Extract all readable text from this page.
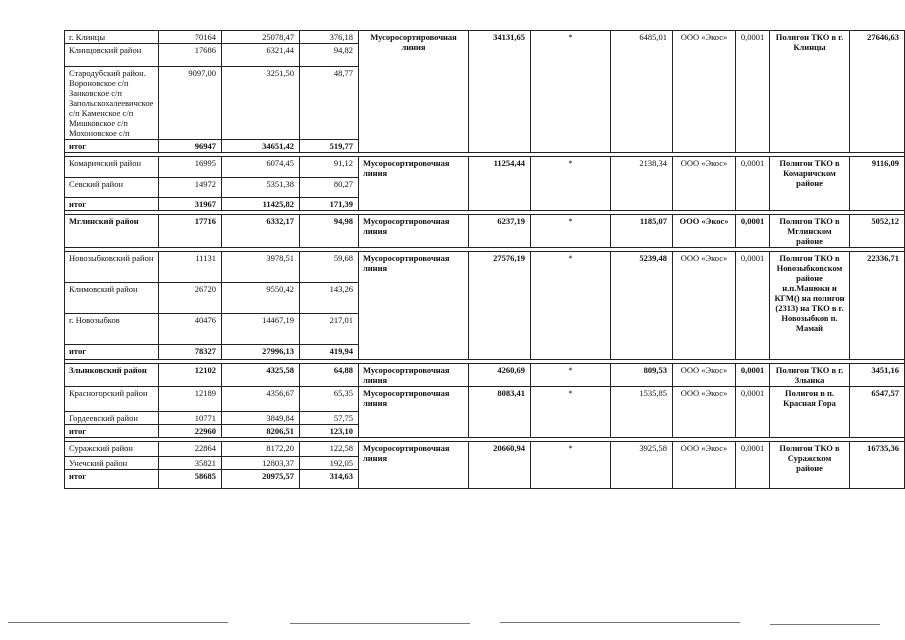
г. Клинцы	70164	25078,47	376,18	Мусоросортировочная линия	34131,65	*	6485,01	ООО «Экос»	0,0001	Полигон ТКО в г. Клинцы	27646,63
Клинцовский район	17686	6321,44	94,82								
Стародубский район. Вороновское с/п Занковское с/п Запольскохалеевичское с/п Каменское с/п Мишковское с/п Мохоновское с/п	9097,00	3251,50	48,77								
итог	96947	34651,42	519,77								

Комаричский район	16995	6074,45	91,12	Мусоросортировочная линия	11254,44	*	2138,34	ООО «Экос»	0,0001	Полигон ТКО в Комаричском районе	9116,09
Севский район	14972	5351,38	80,27								
итог	31967	11425,82	171,39								

Мглинский район	17716	6332,17	94,98	Мусоросортировочная линия	6237,19	*	1185,07	ООО «Экос»	0,0001	Полигон ТКО в Мглинском районе	5052,12

Новозыбковский район	11131	3978,51	59,68	Мусоросортировочная линия	27576,19	*	5239,48	ООО «Экос»	0,0001	Полигон ТКО в Новозыбковском районе н.п.Манюки и КГМ() на полигон (2313) на ТКО в г. Новозыбков п. Мамай	22336,71
Климовский район	26720	9550,42	143,26								
г. Новозыбков	40476	14467,19	217,01								
итог	78327	27996,13	419,94								

Злынковский район	12102	4325,58	64,88	Мусоросортировочная линия	4260,69	*	809,53	ООО «Экос»	0,0001	Полигон ТКО в г. Злынка	3451,16
Красногорский район	12189	4356,67	65,35	Мусоросортировочная линия	8083,41	*	1535,85	ООО «Экос»	0,0001	Полигон в п. Красная Гора	6547,57
Гордеевский район	10771	3849,84	57,75								
итог	22960	8206,51	123,10								

Суражский район	22864	8172,20	122,58	Мусоросортировочная линия	20660,94	*	3925,58	ООО «Экос»	0,0001	Полигон ТКО в Суражском районе	16735,36
Унечский район	35821	12803,37	192,05								
итог	58685	20975,57	314,63								
